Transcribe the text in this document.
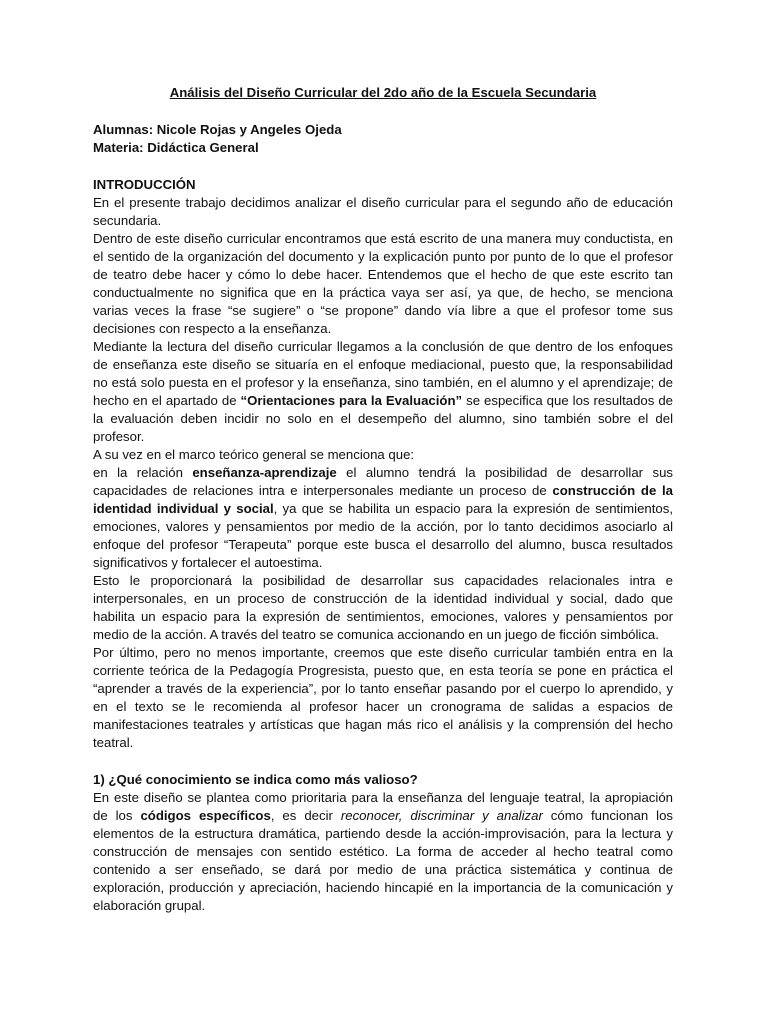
Análisis del Diseño Curricular del 2do año de la Escuela Secundaria
Alumnas: Nicole Rojas y Angeles Ojeda
Materia: Didáctica General
INTRODUCCIÓN

En el presente trabajo decidimos analizar el diseño curricular para el segundo año de educación secundaria.

Dentro de este diseño curricular encontramos que está escrito de una manera muy conductista, en el sentido de la organización del documento y la explicación punto por punto de lo que el profesor de teatro debe hacer y cómo lo debe hacer. Entendemos que el hecho de que este escrito tan conductualmente no significa que en la práctica vaya ser así, ya que, de hecho, se menciona varias veces la frase “se sugiere” o “se propone” dando vía libre a que el profesor tome sus decisiones con respecto a la enseñanza.

Mediante la lectura del diseño curricular llegamos a la conclusión de que dentro de los enfoques de enseñanza este diseño se situaría en el enfoque mediacional, puesto que, la responsabilidad no está solo puesta en el profesor y la enseñanza, sino también, en el alumno y el aprendizaje; de hecho en el apartado de “Orientaciones para la Evaluación” se especifica que los resultados de la evaluación deben incidir no solo en el desempeño del alumno, sino también sobre el del profesor.

A su vez en el marco teórico general se menciona que:

en la relación enseñanza-aprendizaje el alumno tendrá la posibilidad de desarrollar sus capacidades de relaciones intra e interpersonales mediante un proceso de construcción de la identidad individual y social, ya que se habilita un espacio para la expresión de sentimientos, emociones, valores y pensamientos por medio de la acción, por lo tanto decidimos asociarlo al enfoque del profesor “Terapeuta” porque este busca el desarrollo del alumno, busca resultados significativos y fortalecer el autoestima.

Esto le proporcionará la posibilidad de desarrollar sus capacidades relacionales intra e interpersonales, en un proceso de construcción de la identidad individual y social, dado que habilita un espacio para la expresión de sentimientos, emociones, valores y pensamientos por medio de la acción. A través del teatro se comunica accionando en un juego de ficción simbólica.

Por último, pero no menos importante, creemos que este diseño curricular también entra en la corriente teórica de la Pedagogía Progresista, puesto que, en esta teoría se pone en práctica el “aprender a través de la experiencia”, por lo tanto enseñar pasando por el cuerpo lo aprendido, y en el texto se le recomienda al profesor hacer un cronograma de salidas a espacios de manifestaciones teatrales y artísticas que hagan más rico el análisis y la comprensión del hecho teatral.

1) ¿Qué conocimiento se indica como más valioso?

En este diseño se plantea como prioritaria para la enseñanza del lenguaje teatral, la apropiación de los códigos específicos, es decir reconocer, discriminar y analizar cómo funcionan los elementos de la estructura dramática, partiendo desde la acción-improvisación, para la lectura y construcción de mensajes con sentido estético. La forma de acceder al hecho teatral como contenido a ser enseñado, se dará por medio de una práctica sistemática y continua de exploración, producción y apreciación, haciendo hincapié en la importancia de la comunicación y elaboración grupal.
